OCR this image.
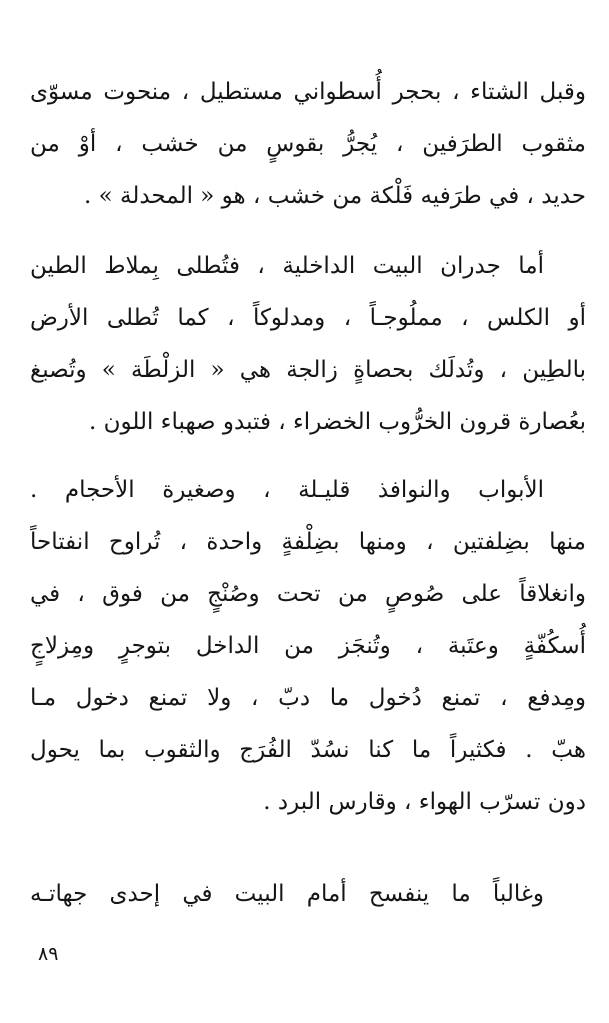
وقبل الشتاء ، بحجر أُسطواني مستطيل ، منحوت مسوّى
مثقوب الطرَفين ، يُجرُّ بقوسٍ من خشب ، أوْ من
حديد ، في طرَفيه فَلْكة من خشب ، هو « المحدلة » .
أما جدران البيت الداخلية ، فتُطلى بِملاط الطين
أو الكلس ، مملُوجـاً ، ومدلوكاً ، كما تُطلى الأرض
بالطِين ، وتُدلَك بحصاةٍ زالجة هي « الزلْطَة » وتُصبغ
بعُصارة قرون الخرُّوب الخضراء ، فتبدو صهباء اللون .
الأبواب والنوافذ قليـلة ، وصغيرة الأحجام .
منها بضِلفتين ، ومنها بضِلْفةٍ واحدة ، تُراوح انفتاحاً
وانغلاقاً على صُوصٍ من تحت وصُنْجٍ من فوق ، في
أُسكُفّةٍ وعتَبة ، وتُنجَز من الداخل بتوجرٍ ومِزلاجٍ
ومِدفع ، تمنع دُخول ما دبّ ، ولا تمنع دخول مـا
هبّ . فكثيراً ما كنا نسُدّ الفُرَج والثقوب بما يحول
دون تسرّب الهواء ، وقارس البرد .
وغالباً ما ينفسح أمام البيت في إحدى جهاتـه
٨٩
